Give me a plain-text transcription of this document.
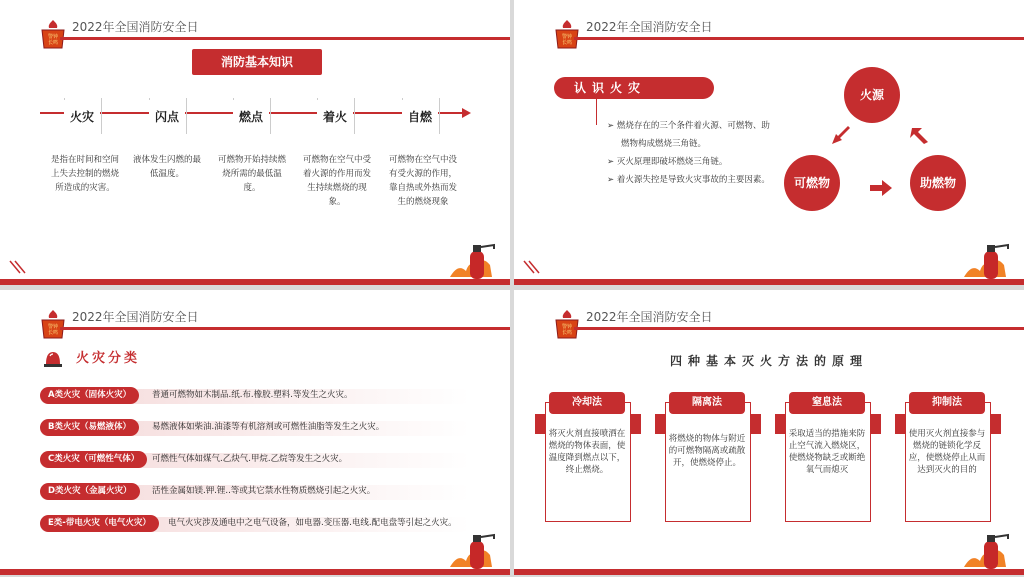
警钟
长鸣
2022年全国消防安全日
消防基本知识
火灾	闪点	燃点	着火	自燃
是指在时间和空间上失去控制的燃烧所造成的灾害。
液体发生闪燃的最低温度。
可燃物开始持续燃烧所需的最低温度。
可燃物在空气中受着火源的作用而发生持续燃烧的现象。
可燃物在空气中没有受火源的作用，靠自热或外热而发生的燃烧现象
警钟
长鸣
2022年全国消防安全日
认识火灾
➢ 燃烧存在的三个条件着火源、可燃物、助燃物构成燃烧三角链。
➢ 灭火原理即破坏燃烧三角链。
➢ 着火源失控是导致火灾事故的主要因素。
火源
可燃物	助燃物
警钟
长鸣
2022年全国消防安全日
火灾分类
A类火灾（固体火灾）	普通可燃物如木制品.纸.布.橡胶.塑料.等发生之火灾。
B类火灾（易燃液体）	易燃液体如柴油.油漆等有机溶剂或可燃性油脂等发生之火灾。
C类火灾（可燃性气体）	可燃性气体如煤气.乙炔气.甲烷.乙烷等发生之火灾。
D类火灾（金属火灾）	活性金属如镁.钾.锂..等或其它禁水性物质燃烧引起之火灾。
E类-带电火灾（电气火灾）	电气火灾涉及通电中之电气设备，如电器.变压器.电线.配电盘等引起之火灾。
警钟
长鸣
2022年全国消防安全日
四种基本灭火方法的原理
冷却法
将灭火剂直接喷洒在燃烧的物体表面，使温度降到燃点以下，终止燃烧。
隔离法
将燃烧的物体与附近的可燃物隔离或疏散开，使燃烧停止。
窒息法
采取适当的措施来防止空气流入燃烧区，使燃烧物缺乏或断绝氧气而熄灭
抑制法
使用灭火剂直接参与燃烧的链锁化学反应，使燃烧停止从而达到灭火的目的
